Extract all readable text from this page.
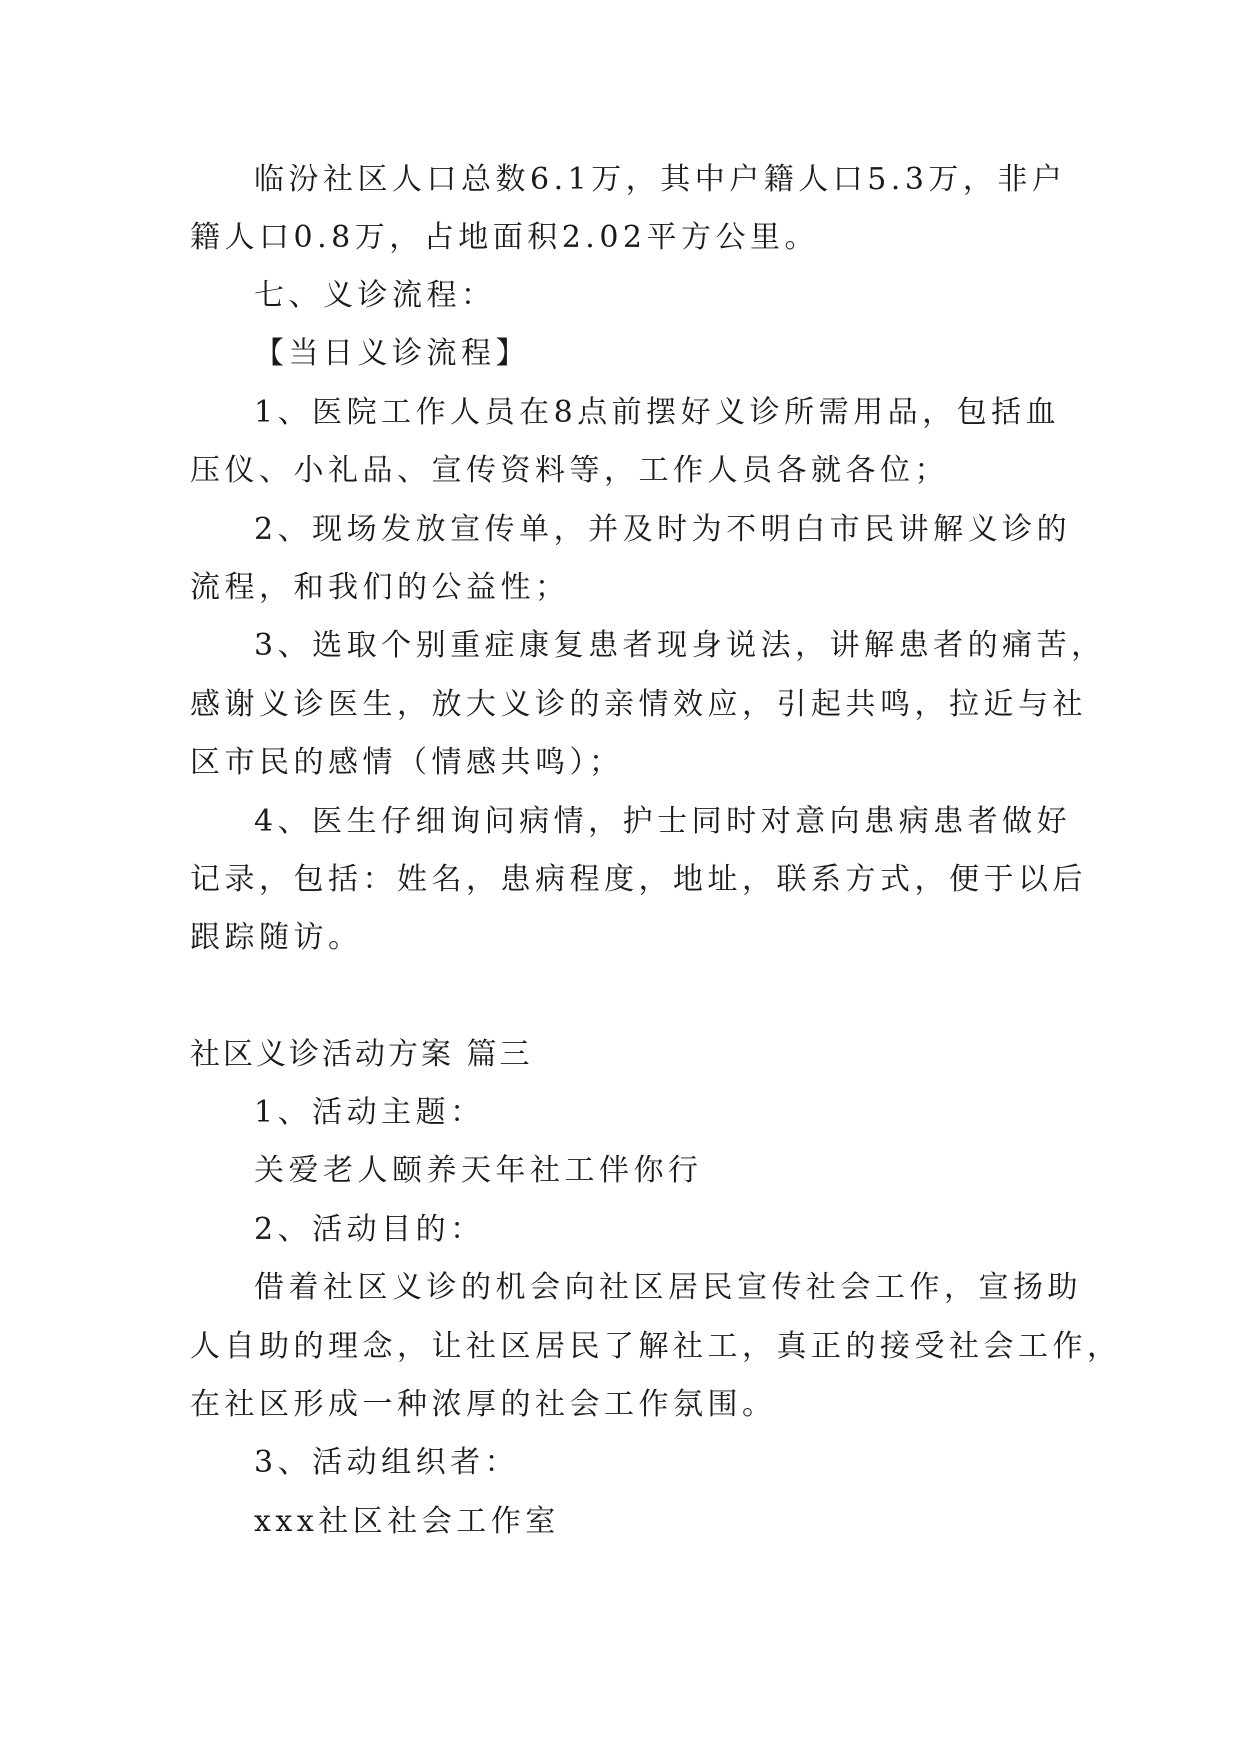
临汾社区人口总数6.1万，其中户籍人口5.3万，非户

籍人口0.8万，占地面积2.02平方公里。

七、义诊流程：

【当日义诊流程】

1、医院工作人员在8点前摆好义诊所需用品，包括血

压仪、小礼品、宣传资料等，工作人员各就各位；

2、现场发放宣传单，并及时为不明白市民讲解义诊的

流程，和我们的公益性；

3、选取个别重症康复患者现身说法，讲解患者的痛苦，

感谢义诊医生，放大义诊的亲情效应，引起共鸣，拉近与社

区市民的感情（情感共鸣）；

4、医生仔细询问病情，护士同时对意向患病患者做好

记录，包括：姓名，患病程度，地址，联系方式，便于以后

跟踪随访。

社区义诊活动方案 篇三

1、活动主题：

关爱老人颐养天年社工伴你行

2、活动目的：

借着社区义诊的机会向社区居民宣传社会工作，宣扬助

人自助的理念，让社区居民了解社工，真正的接受社会工作，

在社区形成一种浓厚的社会工作氛围。

3、活动组织者：

xxx社区社会工作室
